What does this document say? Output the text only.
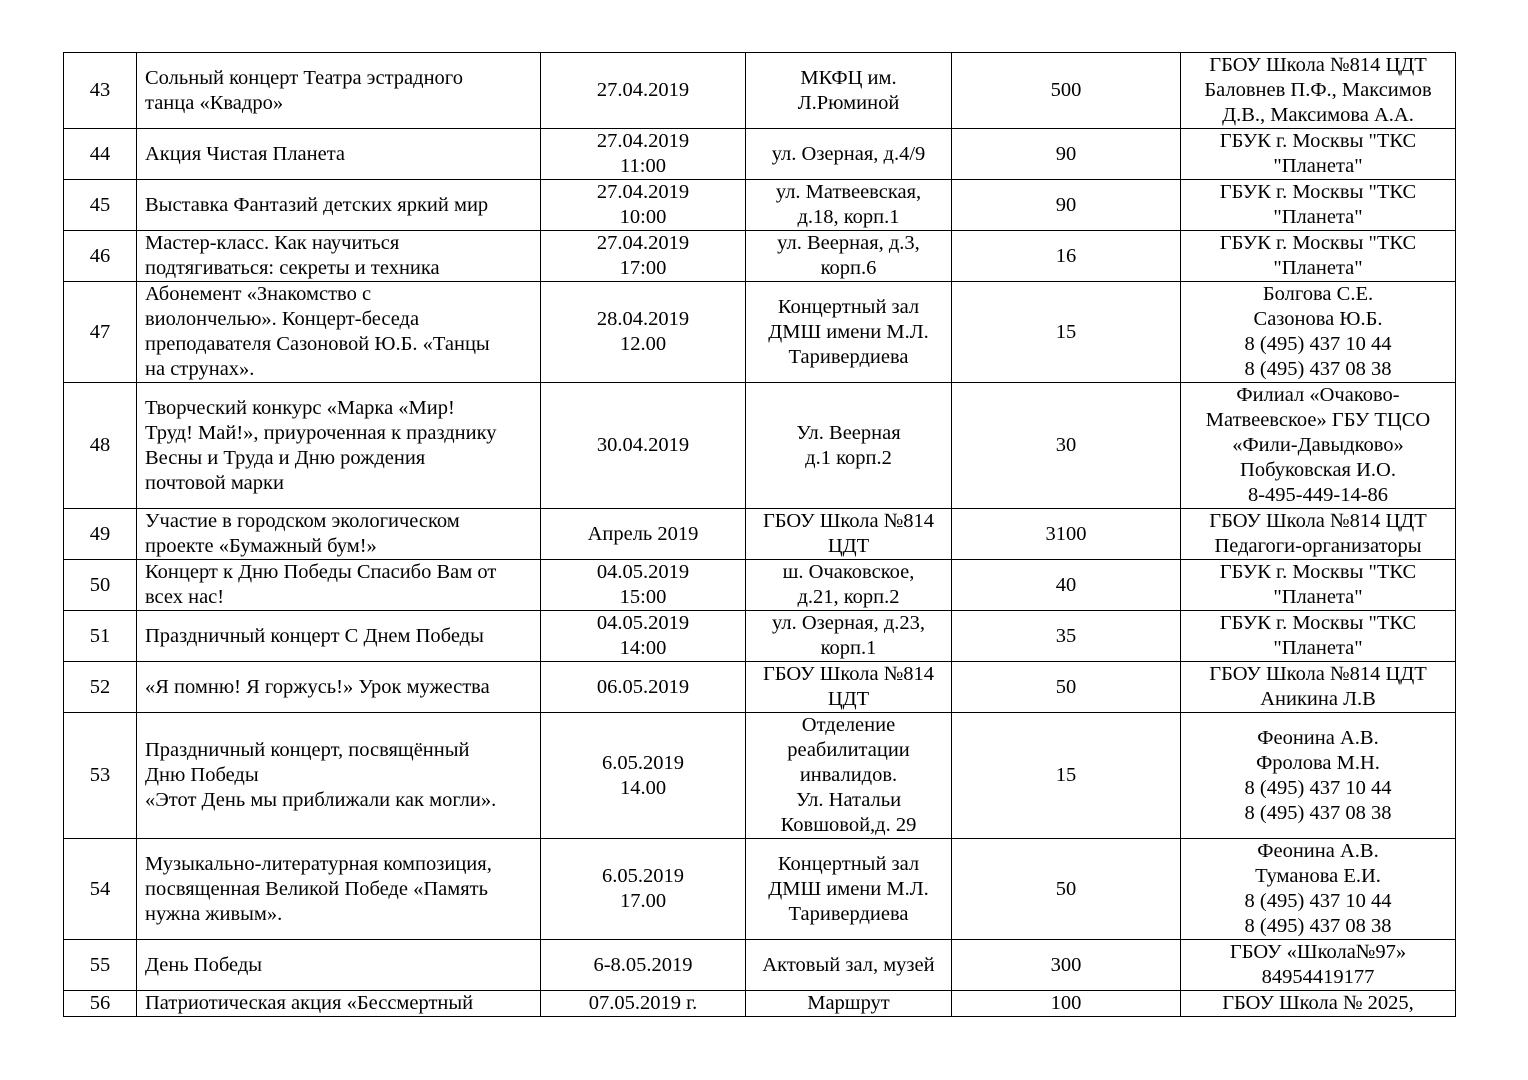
43	Сольный концерт Театра эстрадного
танца «Квадро»	27.04.2019	МКФЦ им.
Л.Рюминой	500	ГБОУ Школа №814 ЦДТ
Баловнев П.Ф., Максимов
Д.В., Максимова А.А.
44	Акция Чистая Планета	27.04.2019
11:00	ул. Озерная, д.4/9	90	ГБУК г. Москвы "ТКС
"Планета"
45	Выставка Фантазий детских яркий мир	27.04.2019
10:00	ул. Матвеевская,
д.18, корп.1	90	ГБУК г. Москвы "ТКС
"Планета"
46	Мастер-класс. Как научиться
подтягиваться: секреты и техника	27.04.2019
17:00	ул. Веерная, д.3,
корп.6	16	ГБУК г. Москвы "ТКС
"Планета"
47	Абонемент «Знакомство с
виолончелью». Концерт-беседа
преподавателя Сазоновой Ю.Б. «Танцы
на струнах».	28.04.2019
12.00	Концертный зал
ДМШ имени М.Л.
Таривердиева	15	Болгова С.Е.
Сазонова Ю.Б.
8 (495) 437 10 44
8 (495) 437 08 38
48	Творческий конкурс «Марка «Мир!
Труд! Май!», приуроченная к празднику
Весны и Труда и Дню рождения
почтовой марки	30.04.2019	Ул. Веерная
д.1 корп.2	30	Филиал «Очаково-
Матвеевское» ГБУ ТЦСО
«Фили-Давыдково»
Побуковская И.О.
8-495-449-14-86
49	Участие в городском экологическом
проекте «Бумажный бум!»	Апрель 2019	ГБОУ Школа №814
ЦДТ	3100	ГБОУ Школа №814 ЦДТ
Педагоги-организаторы
50	Концерт к Дню Победы Спасибо Вам от
всех нас!	04.05.2019
15:00	ш. Очаковское,
д.21, корп.2	40	ГБУК г. Москвы "ТКС
"Планета"
51	Праздничный концерт С Днем Победы	04.05.2019
14:00	ул. Озерная, д.23,
корп.1	35	ГБУК г. Москвы "ТКС
"Планета"
52	«Я помню! Я горжусь!» Урок мужества	06.05.2019	ГБОУ Школа №814
ЦДТ	50	ГБОУ Школа №814 ЦДТ
Аникина Л.В
53	Праздничный концерт, посвящённый
Дню Победы
«Этот День мы приближали как могли».	6.05.2019
14.00	Отделение
реабилитации
инвалидов.
Ул. Натальи
Ковшовой,д. 29	15	Феонина А.В.
Фролова М.Н.
8 (495) 437 10 44
8 (495) 437 08 38
54	Музыкально-литературная композиция,
посвященная Великой Победе «Память
нужна живым».	6.05.2019
17.00	Концертный зал
ДМШ имени М.Л.
Таривердиева	50	Феонина А.В.
Туманова Е.И.
8 (495) 437 10 44
8 (495) 437 08 38
55	День Победы	6-8.05.2019	Актовый зал, музей	300	ГБОУ «Школа№97»
84954419177
56	Патриотическая акция «Бессмертный	07.05.2019 г.	Маршрут	100	ГБОУ Школа № 2025,
